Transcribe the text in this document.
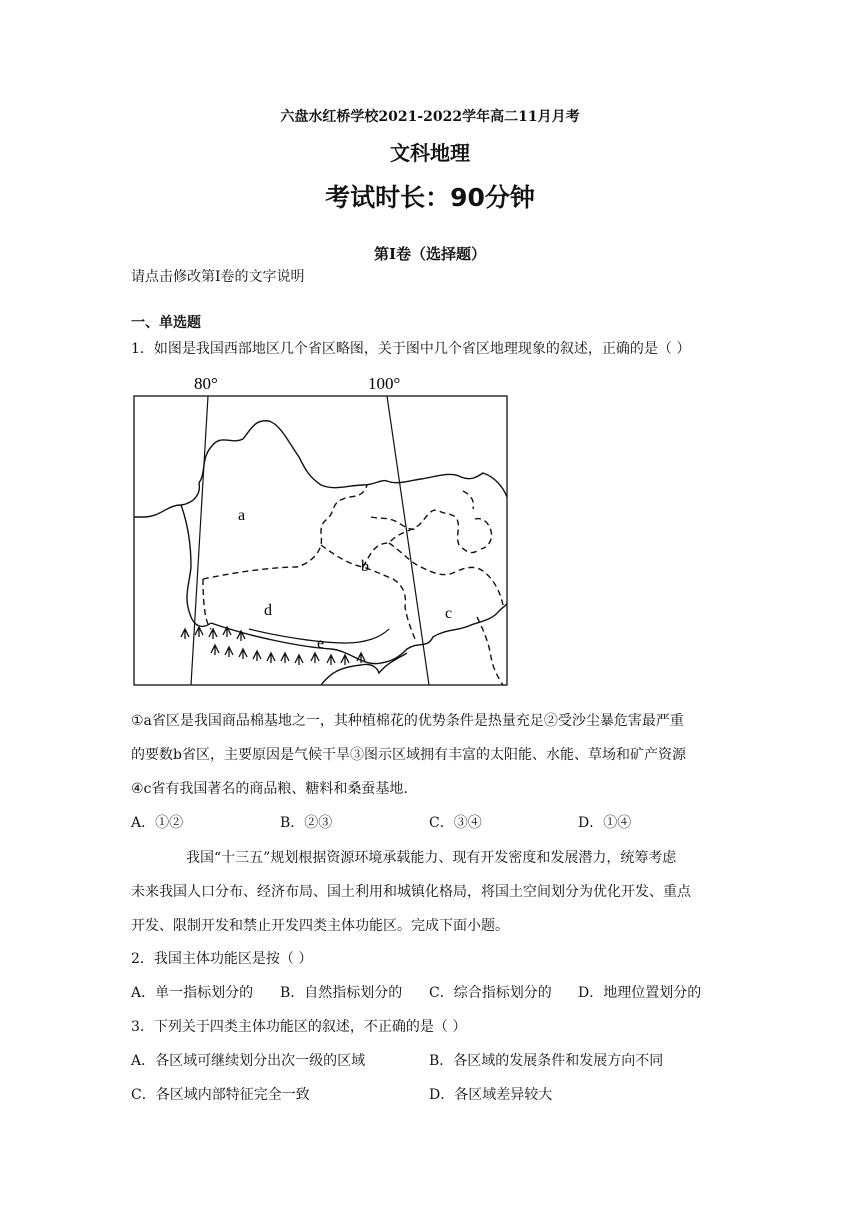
六盘水红桥学校2021-2022学年高二11月月考
文科地理
考试时长：90分钟
第I卷（选择题）
请点击修改第I卷的文字说明
一、单选题
1．如图是我国西部地区几个省区略图，关于图中几个省区地理现象的叙述，正确的是（ ）
80°	100°
a
b
c
d
e
①a省区是我国商品棉基地之一，其种植棉花的优势条件是热量充足②受沙尘暴危害最严重
的要数b省区，主要原因是气候干旱③图示区域拥有丰富的太阳能、水能、草场和矿产资源
④c省有我国著名的商品粮、糖料和桑蚕基地.
A．①②	B．②③	C．③④	D．①④
我国“十三五”规划根据资源环境承载能力、现有开发密度和发展潜力，统筹考虑
未来我国人口分布、经济布局、国土利用和城镇化格局，将国土空间划分为优化开发、重点
开发、限制开发和禁止开发四类主体功能区。完成下面小题。
2．我国主体功能区是按（ ）
A．单一指标划分的 B．自然指标划分的 C．综合指标划分的 D．地理位置划分的
3．下列关于四类主体功能区的叙述，不正确的是（ ）
A．各区域可继续划分出次一级的区域	B．各区域的发展条件和发展方向不同
C．各区域内部特征完全一致	D．各区域差异较大
